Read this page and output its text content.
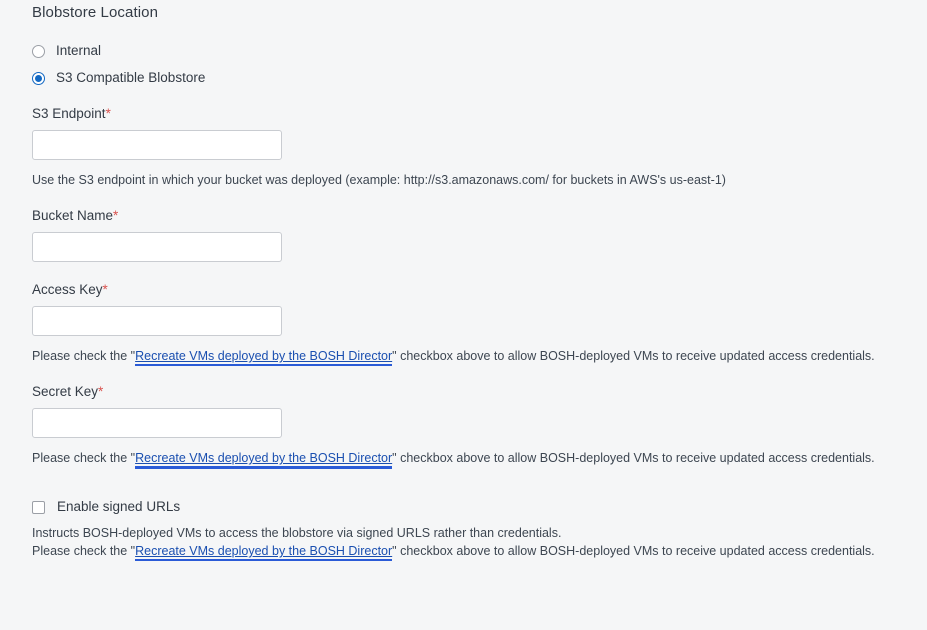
Blobstore Location
Internal
S3 Compatible Blobstore
S3 Endpoint*
Use the S3 endpoint in which your bucket was deployed (example: http://s3.amazonaws.com/ for buckets in AWS's us-east-1)
Bucket Name*
Access Key*
Please check the "Recreate VMs deployed by the BOSH Director" checkbox above to allow BOSH-deployed VMs to receive updated access credentials.
Secret Key*
Please check the "Recreate VMs deployed by the BOSH Director" checkbox above to allow BOSH-deployed VMs to receive updated access credentials.
Enable signed URLs
Instructs BOSH-deployed VMs to access the blobstore via signed URLS rather than credentials.
Please check the "Recreate VMs deployed by the BOSH Director" checkbox above to allow BOSH-deployed VMs to receive updated access credentials.
